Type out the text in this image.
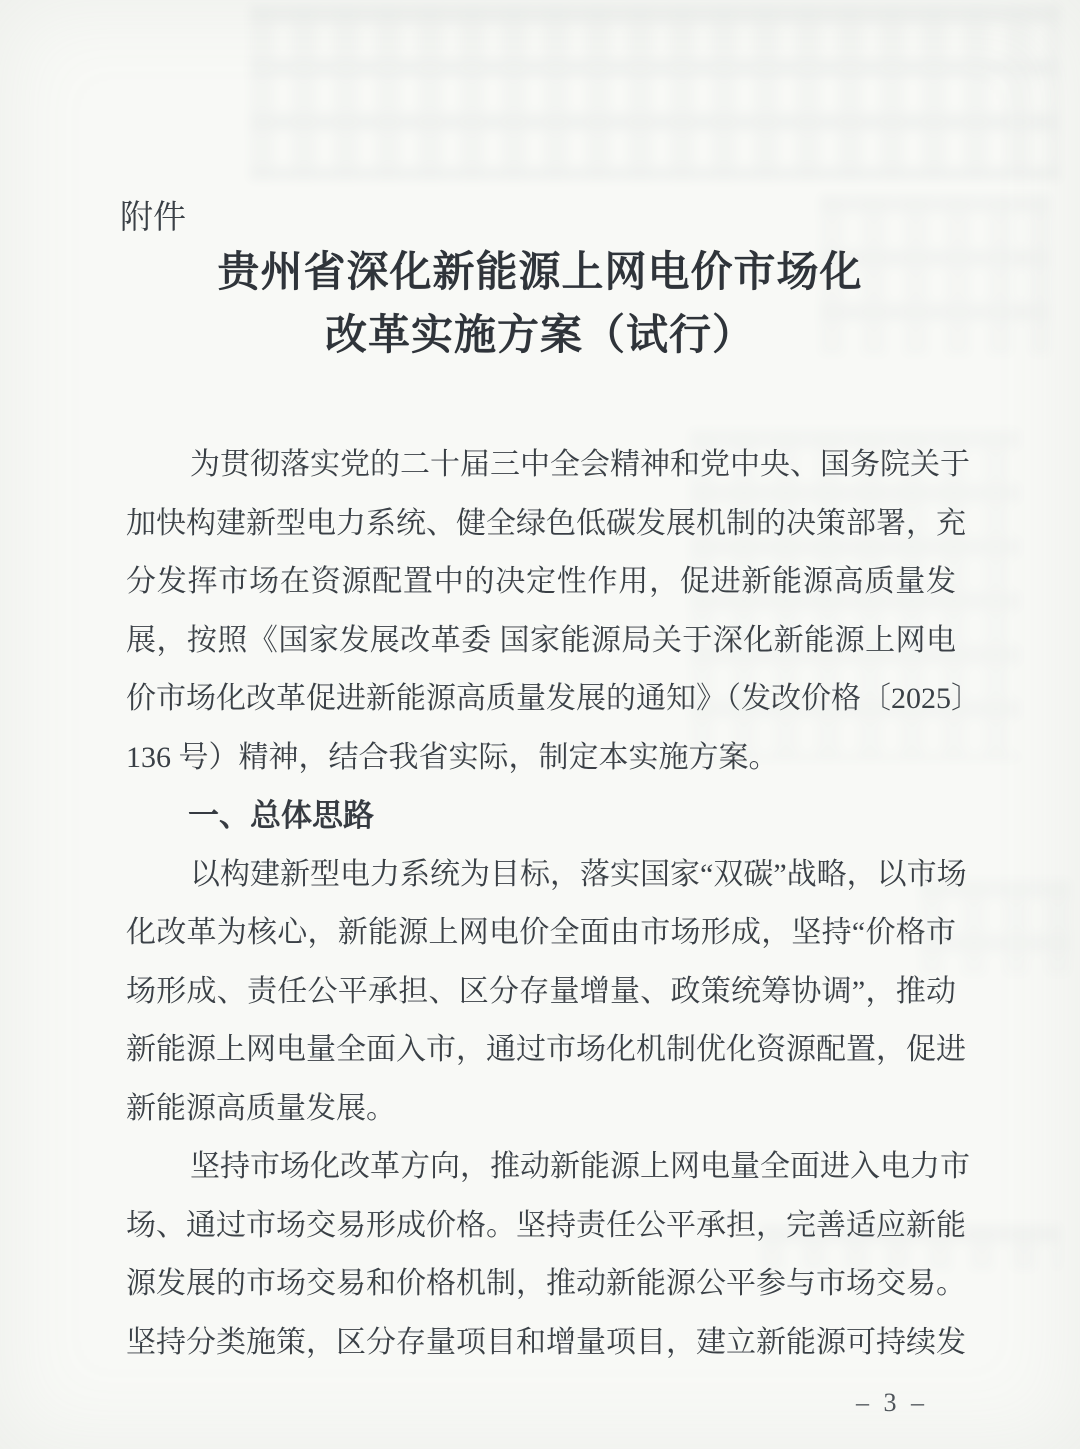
附件
贵州省深化新能源上网电价市场化
改革实施方案（试行）
为贯彻落实党的二十届三中全会精神和党中央、国务院关于
加快构建新型电力系统、健全绿色低碳发展机制的决策部署，充
分发挥市场在资源配置中的决定性作用，促进新能源高质量发
展，按照《国家发展改革委 国家能源局关于深化新能源上网电
价市场化改革促进新能源高质量发展的通知》（发改价格〔2025〕
136 号）精神，结合我省实际，制定本实施方案。
一、总体思路
以构建新型电力系统为目标，落实国家“双碳”战略，以市场
化改革为核心，新能源上网电价全面由市场形成，坚持“价格市
场形成、责任公平承担、区分存量增量、政策统筹协调”，推动
新能源上网电量全面入市，通过市场化机制优化资源配置，促进
新能源高质量发展。
坚持市场化改革方向，推动新能源上网电量全面进入电力市
场、通过市场交易形成价格。坚持责任公平承担，完善适应新能
源发展的市场交易和价格机制，推动新能源公平参与市场交易。
坚持分类施策，区分存量项目和增量项目，建立新能源可持续发
– 3 –
